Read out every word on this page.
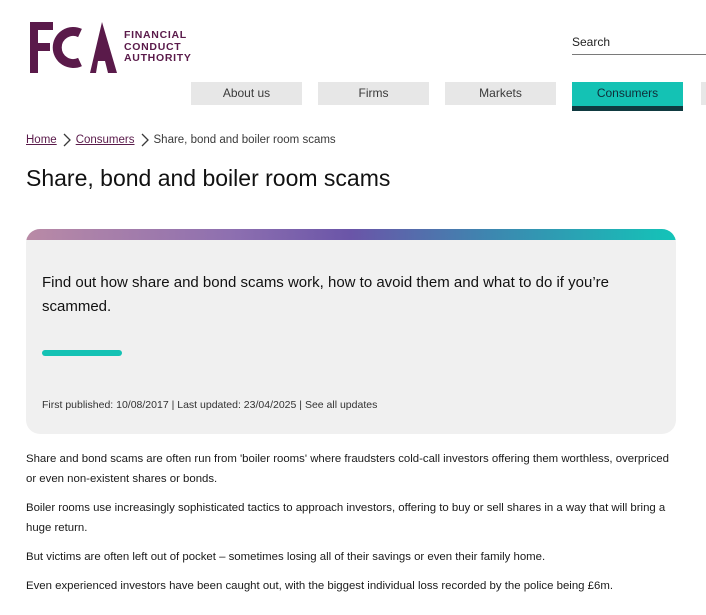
FINANCIAL
CONDUCT
AUTHORITY
Search
About us	Firms	Markets	Consumers
Home Consumers Share, bond and boiler room scams
Share, bond and boiler room scams

Find out how share and bond scams work, how to avoid them and what to do if you’re scammed.

First published: 10/08/2017 | Last updated: 23/04/2025 | See all updates

Share and bond scams are often run from 'boiler rooms' where fraudsters cold-call investors offering them worthless, overpriced or even non-existent shares or bonds.

Boiler rooms use increasingly sophisticated tactics to approach investors, offering to buy or sell shares in a way that will bring a huge return.

But victims are often left out of pocket – sometimes losing all of their savings or even their family home.

Even experienced investors have been caught out, with the biggest individual loss recorded by the police being £6m.
